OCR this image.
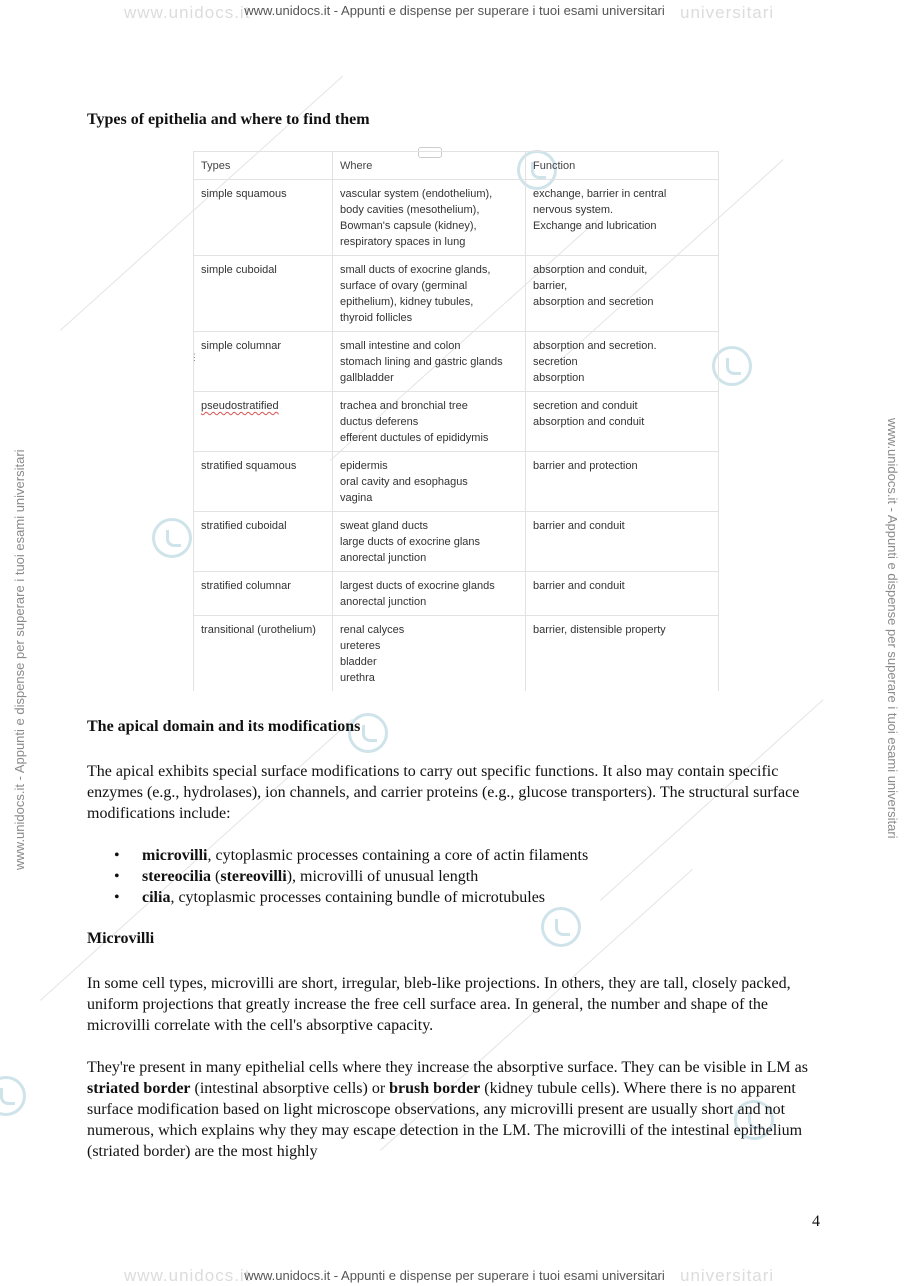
www.unidocs.it	universitari
www.unidocs.it	universitari
www.unidocs.it - Appunti e dispense per superare i tuoi esami universitari
www.unidocs.it - Appunti e dispense per superare i tuoi esami universitari	www.unidocs.it - Appunti e dispense per superare i tuoi esami universitari
Types of epithelia and where to find them
···
⋮
Types	Where	Function
simple squamous	vascular system (endothelium),
body cavities (mesothelium),
Bowman's capsule (kidney),
respiratory spaces in lung	exchange, barrier in central
nervous system.
Exchange and lubrication

simple cuboidal	small ducts of exocrine glands,
surface of ovary (germinal
epithelium), kidney tubules,
thyroid follicles	absorption and conduit,
barrier,
absorption and secretion

simple columnar	small intestine and colon
stomach lining and gastric glands
gallbladder	absorption and secretion.
secretion
absorption

pseudostratified	trachea and bronchial tree
ductus deferens
efferent ductules of epididymis	secretion and conduit
absorption and conduit

stratified squamous	epidermis
oral cavity and esophagus
vagina	barrier and protection

stratified cuboidal	sweat gland ducts
large ducts of exocrine glans
anorectal junction	barrier and conduit

stratified columnar	largest ducts of exocrine glands
anorectal junction	barrier and conduit

transitional (urothelium)	renal calyces
ureteres
bladder
urethra	barrier, distensible property
The apical domain and its modifications

The apical exhibits special surface modifications to carry out specific functions. It also may contain specific enzymes (e.g., hydrolases), ion channels, and carrier proteins (e.g., glucose transporters). The structural surface modifications include:

• microvilli, cytoplasmic processes containing a core of actin filaments
• stereocilia (stereovilli), microvilli of unusual length
• cilia, cytoplasmic processes containing bundle of microtubules
Microvilli

In some cell types, microvilli are short, irregular, bleb-like projections. In others, they are tall, closely packed, uniform projections that greatly increase the free cell surface area. In general, the number and shape of the microvilli correlate with the cell's absorptive capacity.

They're present in many epithelial cells where they increase the absorptive surface. They can be visible in LM as striated border (intestinal absorptive cells) or brush border (kidney tubule cells). Where there is no apparent surface modification based on light microscope observations, any microvilli present are usually short and not numerous, which explains why they may escape detection in the LM. The microvilli of the intestinal epithelium (striated border) are the most highly

4
www.unidocs.it - Appunti e dispense per superare i tuoi esami universitari
